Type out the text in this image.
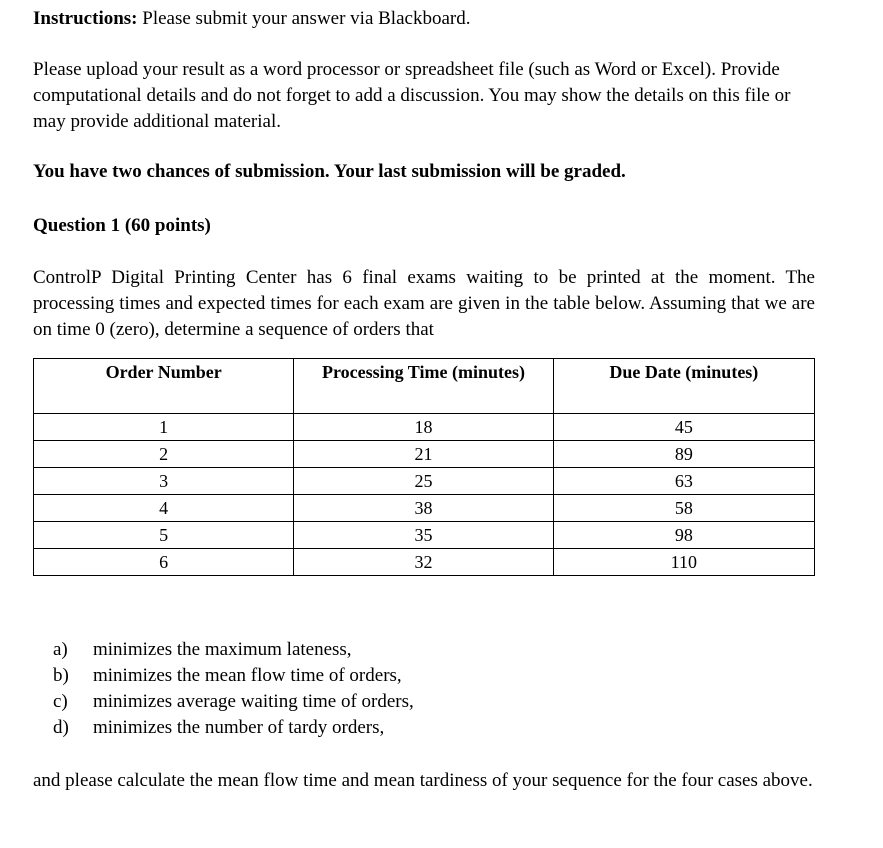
Instructions: Please submit your answer via Blackboard.

Please upload your result as a word processor or spreadsheet file (such as Word or Excel). Provide computational details and do not forget to add a discussion. You may show the details on this file or may provide additional material.

You have two chances of submission. Your last submission will be graded.

Question 1 (60 points)

ControlP Digital Printing Center has 6 final exams waiting to be printed at the moment. The processing times and expected times for each exam are given in the table below. Assuming that we are on time 0 (zero), determine a sequence of orders that

Order Number	Processing Time (minutes)	Due Date (minutes)
1	18	45
2	21	89
3	25	63
4	38	58
5	35	98
6	32	110
a) minimizes the maximum lateness,
b) minimizes the mean flow time of orders,
c) minimizes average waiting time of orders,
d) minimizes the number of tardy orders,

and please calculate the mean flow time and mean tardiness of your sequence for the four cases above.
